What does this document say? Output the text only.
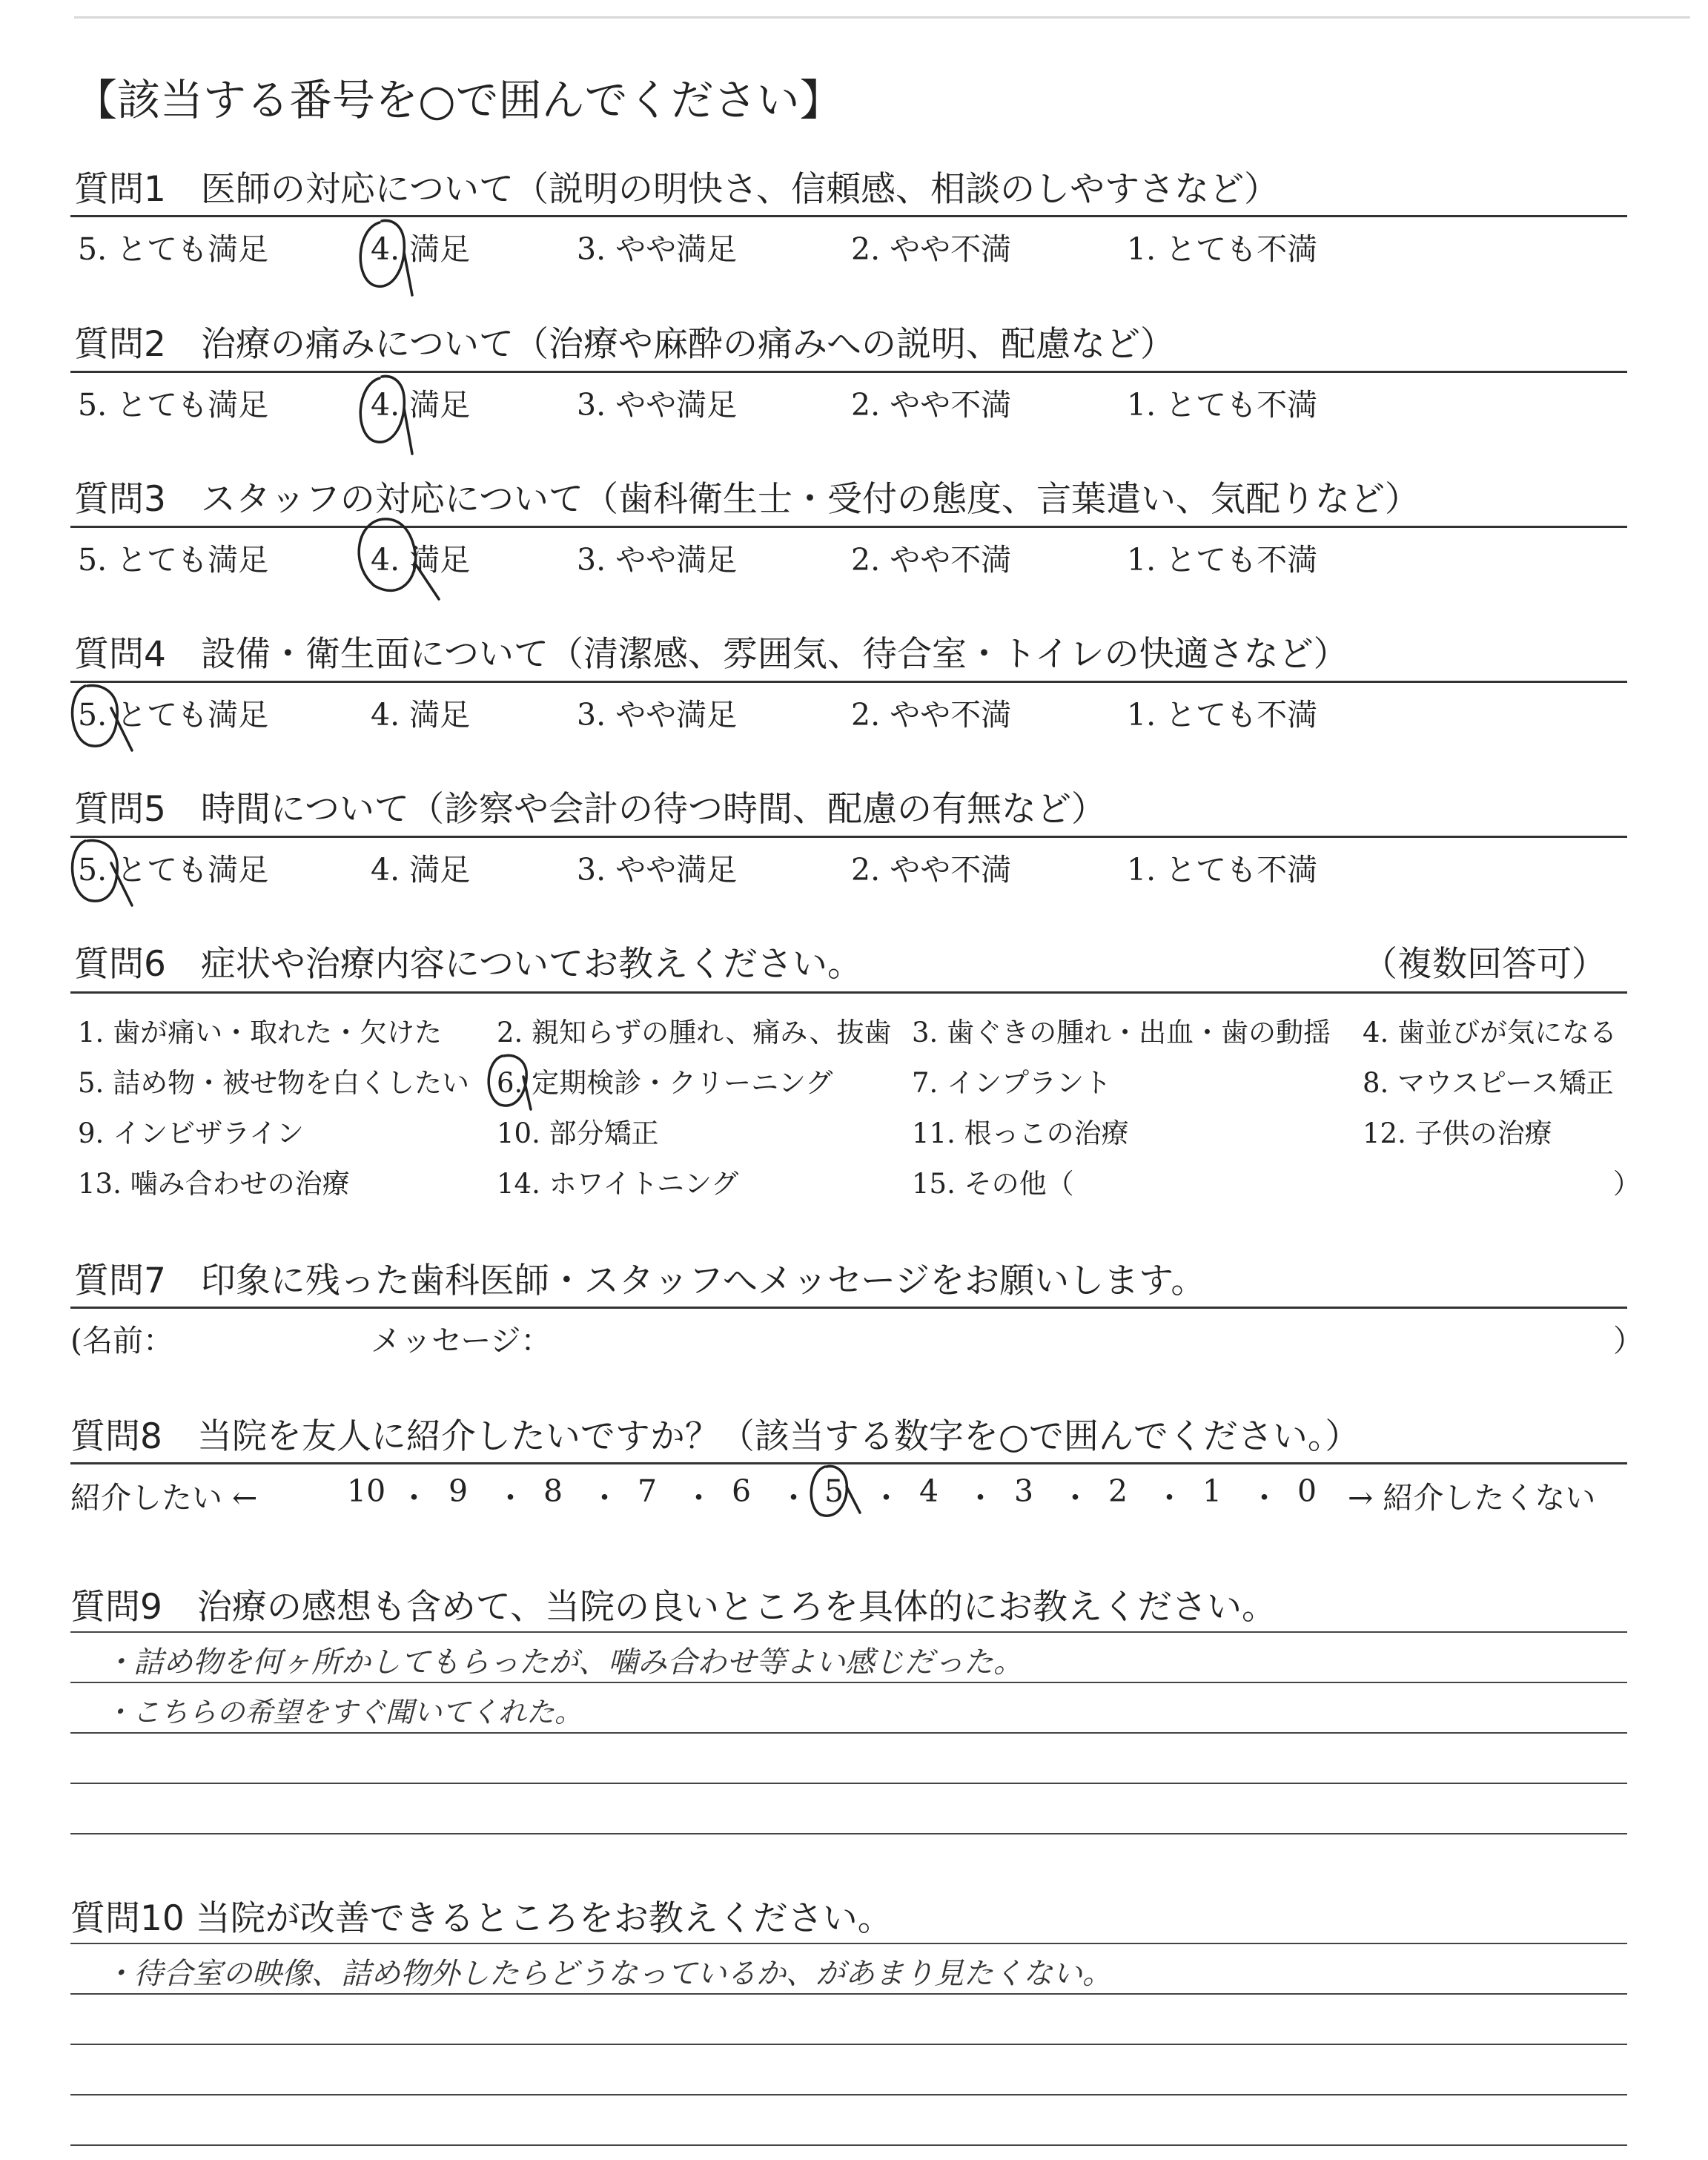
【該当する番号を○で囲んでください】
質問1　医師の対応について（説明の明快さ、信頼感、相談のしやすさなど）
5. とても満足	4. 満足	3. やや満足	2. やや不満	1. とても不満
質問2　治療の痛みについて（治療や麻酔の痛みへの説明、配慮など）
5. とても満足	4. 満足	3. やや満足	2. やや不満	1. とても不満
質問3　スタッフの対応について（歯科衛生士・受付の態度、言葉遣い、気配りなど）
5. とても満足	4. 満足	3. やや満足	2. やや不満	1. とても不満
質問4　設備・衛生面について（清潔感、雰囲気、待合室・トイレの快適さなど）
5. とても満足	4. 満足	3. やや満足	2. やや不満	1. とても不満
質問5　時間について（診察や会計の待つ時間、配慮の有無など）
5. とても満足	4. 満足	3. やや満足	2. やや不満	1. とても不満
質問6　症状や治療内容についてお教えください。	（複数回答可）
1. 歯が痛い・取れた・欠けた 2. 親知らずの腫れ、痛み、抜歯 3. 歯ぐきの腫れ・出血・歯の動揺 4. 歯並びが気になる
5. 詰め物・被せ物を白くしたい 6. 定期検診・クリーニング	7. インプラント	8. マウスピース矯正
9. インビザライン	10. 部分矯正	11. 根っこの治療	12. 子供の治療
13. 噛み合わせの治療	14. ホワイトニング	15. その他（	）
質問7　印象に残った歯科医師・スタッフへメッセージをお願いします。
(名前：	メッセージ：	）
質問8　当院を友人に紹介したいですか？（該当する数字を○で囲んでください。）
紹介したい ←	10 9 8 7 6 5 4 3 2 1 0
・ ・ ・ ・ ・ ・ ・ ・ ・ ・ → 紹介したくない
質問9　治療の感想も含めて、当院の良いところを具体的にお教えください。
・詰め物を何ヶ所かしてもらったが、噛み合わせ等よい感じだった。
・こちらの希望をすぐ聞いてくれた。
質問10 当院が改善できるところをお教えください。
・待合室の映像、詰め物外したらどうなっているか、があまり見たくない。
